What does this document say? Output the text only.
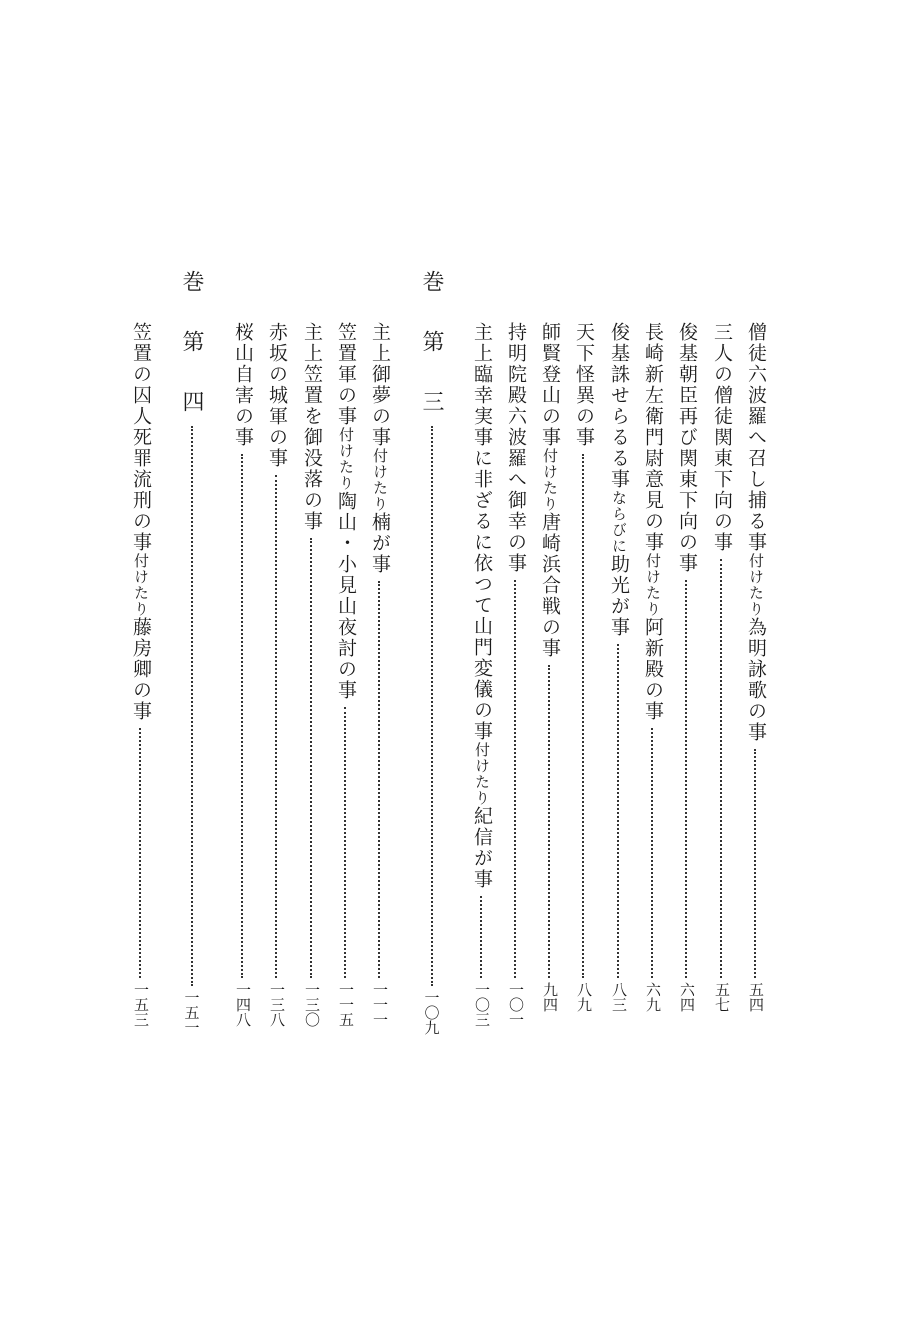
巻
第　三
一〇九
巻
第　四
一五一
僧徒六波羅へ召し捕る事
付けたり
為明詠歌の事
五四
三人の僧徒関東下向の事
五七
俊基朝臣再び関東下向の事
六四
長崎新左衛門尉意見の事
付けたり
阿新殿の事
六九
俊基誅せらるる事
ならびに
助光が事
八三
天下怪異の事
八九
師賢登山の事
付けたり
唐崎浜合戦の事
九四
持明院殿六波羅へ御幸の事
一〇一
主上臨幸実事に非ざるに依つて山門変儀の事
付けたり
紀信が事
一〇三
主上御夢の事
付けたり
楠が事
一一一
笠置軍の事
付けたり
陶山・小見山夜討の事
一一五
主上笠置を御没落の事
一三〇
赤坂の城軍の事
一三八
桜山自害の事
一四八
笠置の囚人死罪流刑の事
付けたり
藤房卿の事
一五三
